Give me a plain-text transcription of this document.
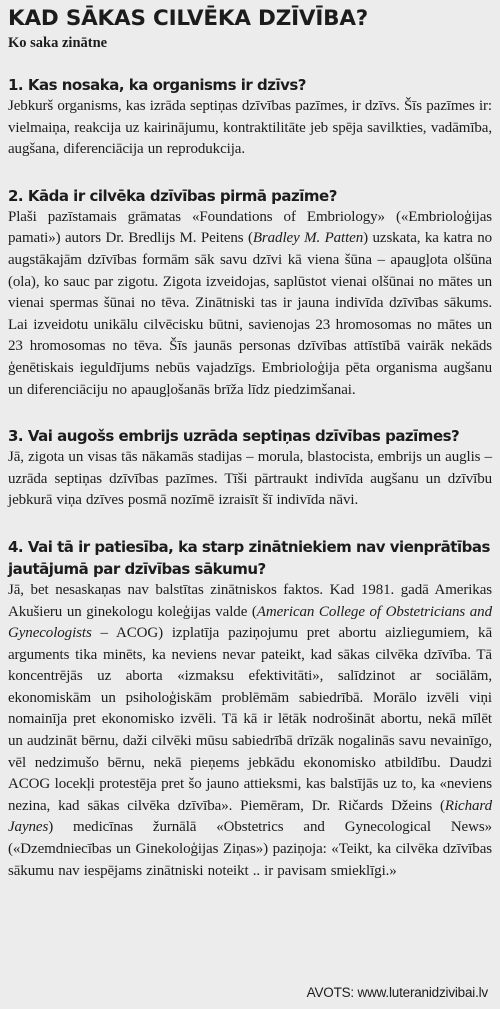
KAD SĀKAS CILVĒKA DZĪVĪBA?
Ko saka zinātne
1. Kas nosaka, ka organisms ir dzīvs?

Jebkurš organisms, kas izrāda septiņas dzīvības pazīmes, ir dzīvs. Šīs pazīmes ir: vielmaiņa, reakcija uz kairinājumu, kontraktilitāte jeb spēja savilkties, vadāmība, augšana, diferenciācija un reprodukcija.

2. Kāda ir cilvēka dzīvības pirmā pazīme?

Plaši pazīstamais grāmatas «Foundations of Embriology» («Embrioloģijas pamati») autors Dr. Bredlijs M. Peitens (Bradley M. Patten) uzskata, ka katra no augstākajām dzīvības formām sāk savu dzīvi kā viena šūna – apaugļota olšūna (ola), ko sauc par zigotu. Zigota izveidojas, saplūstot vienai olšūnai no mātes un vienai spermas šūnai no tēva. Zinātniski tas ir jauna indivīda dzīvības sākums. Lai izveidotu unikālu cilvēcisku būtni, savienojas 23 hromosomas no mātes un 23 hromosomas no tēva. Šīs jaunās personas dzīvības attīstībā vairāk nekāds ģenētiskais ieguldījums nebūs vajadzīgs. Embrioloģija pēta organisma augšanu un diferenciāciju no apaugļošanās brīža līdz piedzimšanai.

3. Vai augošs embrijs uzrāda septiņas dzīvības pazīmes?

Jā, zigota un visas tās nākamās stadijas – morula, blastocista, embrijs un auglis – uzrāda septiņas dzīvības pazīmes. Tīši pārtraukt indivīda augšanu un dzīvību jebkurā viņa dzīves posmā nozīmē izraisīt šī indivīda nāvi.

4. Vai tā ir patiesība, ka starp zinātniekiem nav vienprātības jautājumā par dzīvības sākumu?

Jā, bet nesaskaņas nav balstītas zinātniskos faktos. Kad 1981. gadā Amerikas Akušieru un ginekologu koleģijas valde (American College of Obstetricians and Gynecologists – ACOG) izplatīja paziņojumu pret abortu aizliegumiem, kā arguments tika minēts, ka neviens nevar pateikt, kad sākas cilvēka dzīvība. Tā koncentrējās uz aborta «izmaksu efektivitāti», salīdzinot ar sociālām, ekonomiskām un psiholoģiskām problēmām sabiedrībā. Morālo izvēli viņi nomainīja pret ekonomisko izvēli. Tā kā ir lētāk nodrošināt abortu, nekā mīlēt un audzināt bērnu, daži cilvēki mūsu sabiedrībā drīzāk nogalinās savu nevainīgo, vēl nedzimušo bērnu, nekā pieņems jebkādu ekonomisko atbildību. Daudzi ACOG locekļi protestēja pret šo jauno attieksmi, kas balstījās uz to, ka «neviens nezina, kad sākas cilvēka dzīvība». Piemēram, Dr. Ričards Džeins (Richard Jaynes) medicīnas žurnālā «Obstetrics and Gynecological News» («Dzemdniecības un Ginekoloģijas Ziņas») paziņoja: «Teikt, ka cilvēka dzīvības sākumu nav iespējams zinātniski noteikt .. ir pavisam smieklīgi.»

AVOTS: www.luteranidzivibai.lv
